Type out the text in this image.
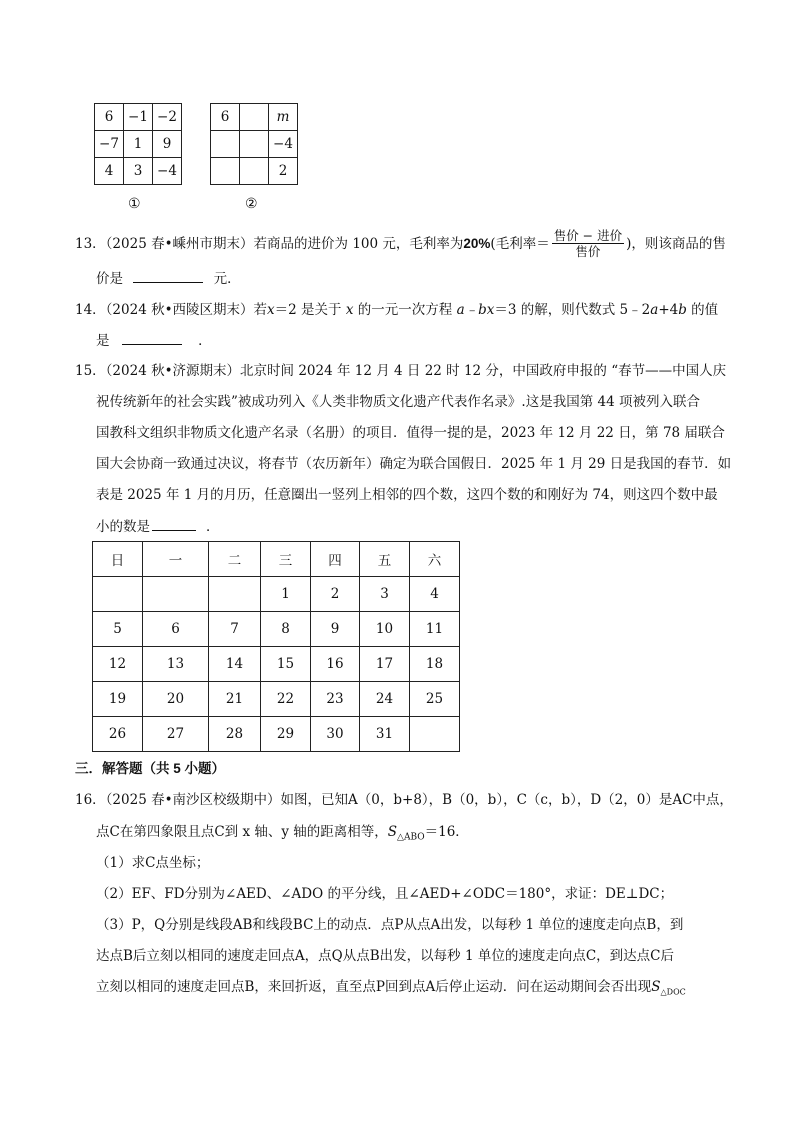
6	−1	−2
−7	1	9
4	3	−4
①
6		m
		−4
		2
②
13．（2025 春•嵊州市期末）若商品的进价为 100 元，毛利率为 20% (毛利率＝ $\frac{\text{售价 − 进价}}{\text{售价}}$ )，则该商品的售
价是	元．
14．（2024 秋•西陵区期末）若x＝2 是关于 x 的一元一次方程 a﹣bx＝3 的解，则代数式 5﹣2a+4b 的值
是	．
15．（2024 秋•济源期末）北京时间 2024 年 12 月 4 日 22 时 12 分，中国政府申报的 “春节——中国人庆
祝传统新年的社会实践”被成功列入《人类非物质文化遗产代表作名录》.这是我国第 44 项被列入联合
国教科文组织非物质文化遗产名录（名册）的项目．值得一提的是，2023 年 12 月 22 日，第 78 届联合
国大会协商一致通过决议，将春节（农历新年）确定为联合国假日．2025 年 1 月 29 日是我国的春节．如
表是 2025 年 1 月的月历，任意圈出一竖列上相邻的四个数，这四个数的和刚好为 74，则这四个数中最
小的数是	．
日	一	二	三	四	五	六
			1	2	3	4
5	6	7	8	9	10	11
12	13	14	15	16	17	18
19	20	21	22	23	24	25
26	27	28	29	30	31	
三．解答题（共 5 小题）
16．（2025 春•南沙区校级期中）如图，已知A（0，b+8），B（0，b），C（c，b），D（2，0）是AC中点，
点C在第四象限且点C到 x 轴、y 轴的距离相等，$S_{\triangle ABO}=16$．
（1）求C点坐标；
（2）EF、FD分别为∠AED、∠ADO 的平分线，且∠AED+∠ODC＝180°，求证：DE⊥DC；
（3）P，Q分别是线段AB和线段BC上的动点．点P从点A出发，以每秒 1 单位的速度走向点B，到
达点B后立刻以相同的速度走回点A，点Q从点B出发，以每秒 1 单位的速度走向点C，到达点C后
立刻以相同的速度走回点B，来回折返，直至点P回到点A后停止运动．问在运动期间会否出现$S_{\triangle DOC}$
